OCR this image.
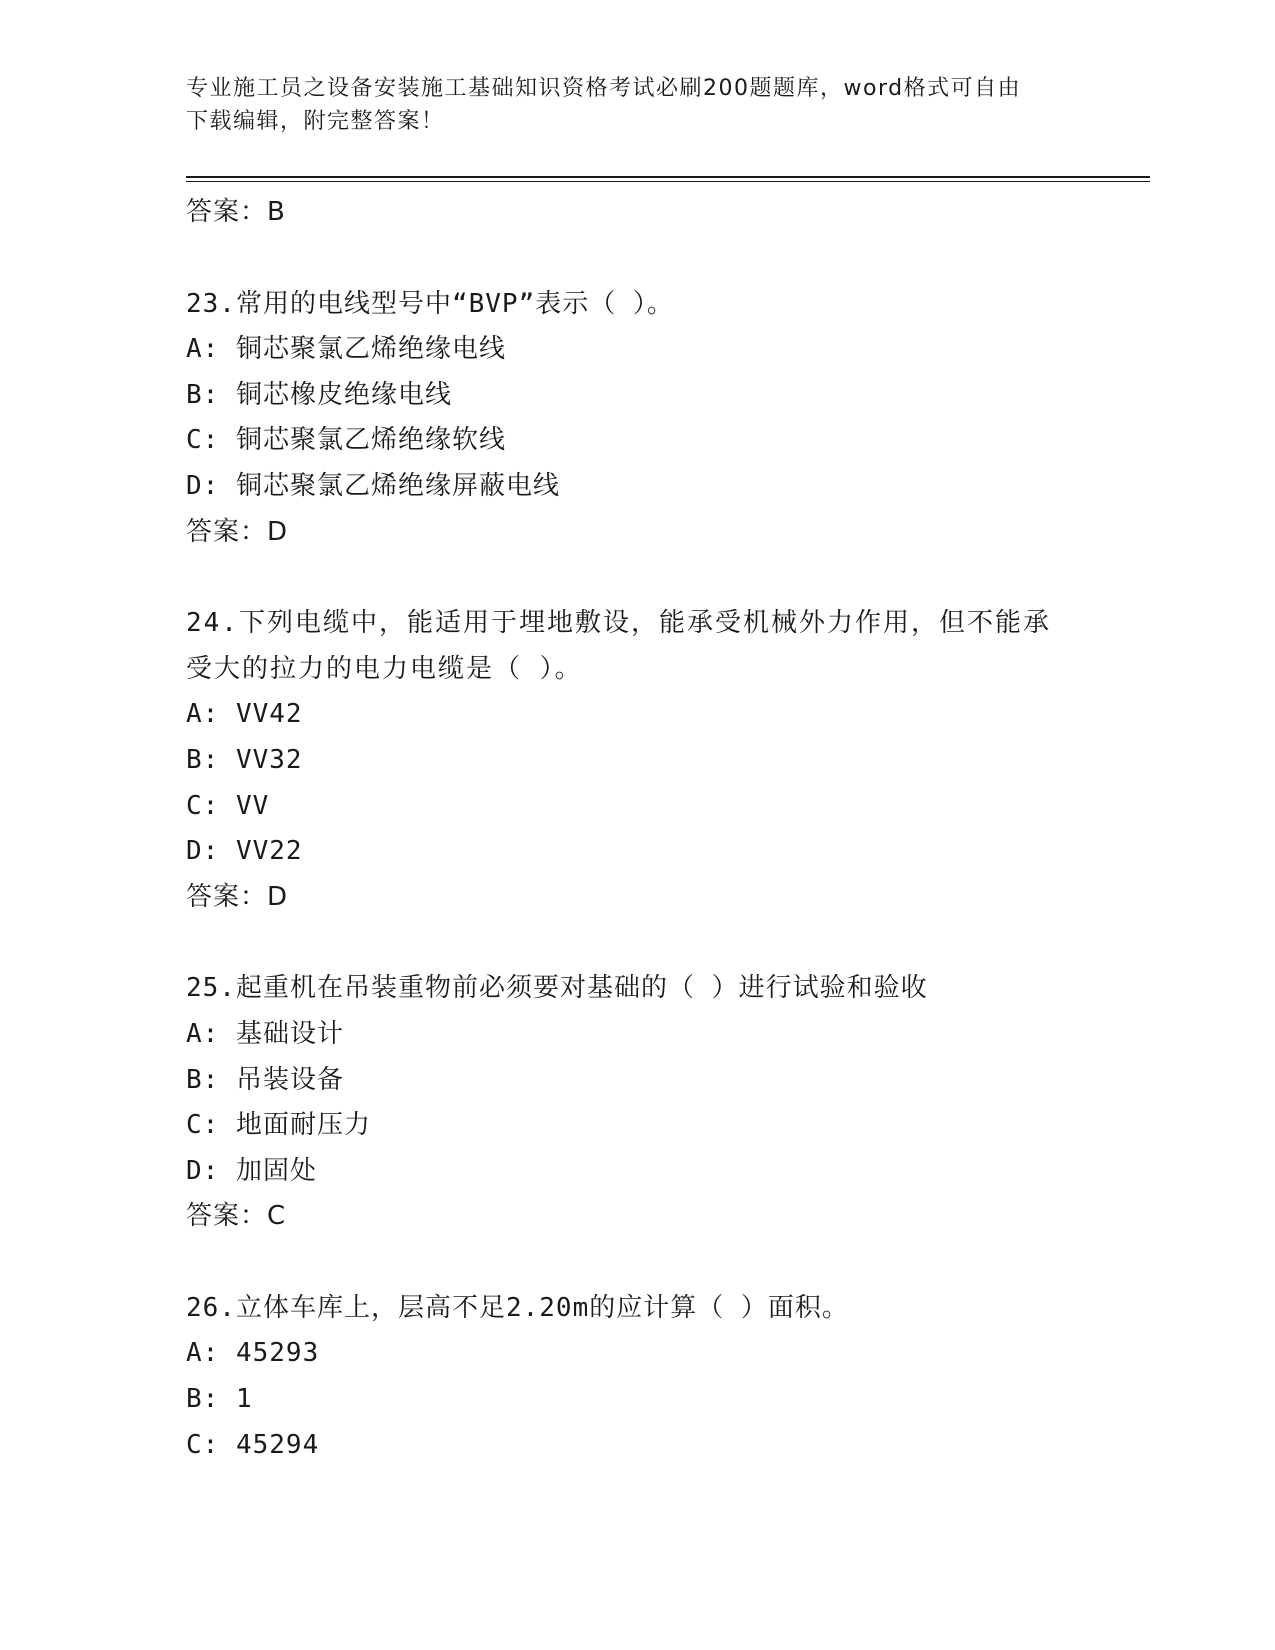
专业施工员之设备安装施工基础知识资格考试必刷200题题库，word格式可自由
下载编辑，附完整答案！
答案：B
23.常用的电线型号中“BVP”表示（ ）。
A: 铜芯聚氯乙烯绝缘电线
B: 铜芯橡皮绝缘电线
C: 铜芯聚氯乙烯绝缘软线
D: 铜芯聚氯乙烯绝缘屏蔽电线
答案：D
24.下列电缆中，能适用于埋地敷设，能承受机械外力作用，但不能承受大的拉力的电力电缆是（ ）。
A: VV42
B: VV32
C: VV
D: VV22
答案：D
25.起重机在吊装重物前必须要对基础的（ ）进行试验和验收
A: 基础设计
B: 吊装设备
C: 地面耐压力
D: 加固处
答案：C
26.立体车库上，层高不足2.20m的应计算（ ）面积。
A: 45293
B: 1
C: 45294
